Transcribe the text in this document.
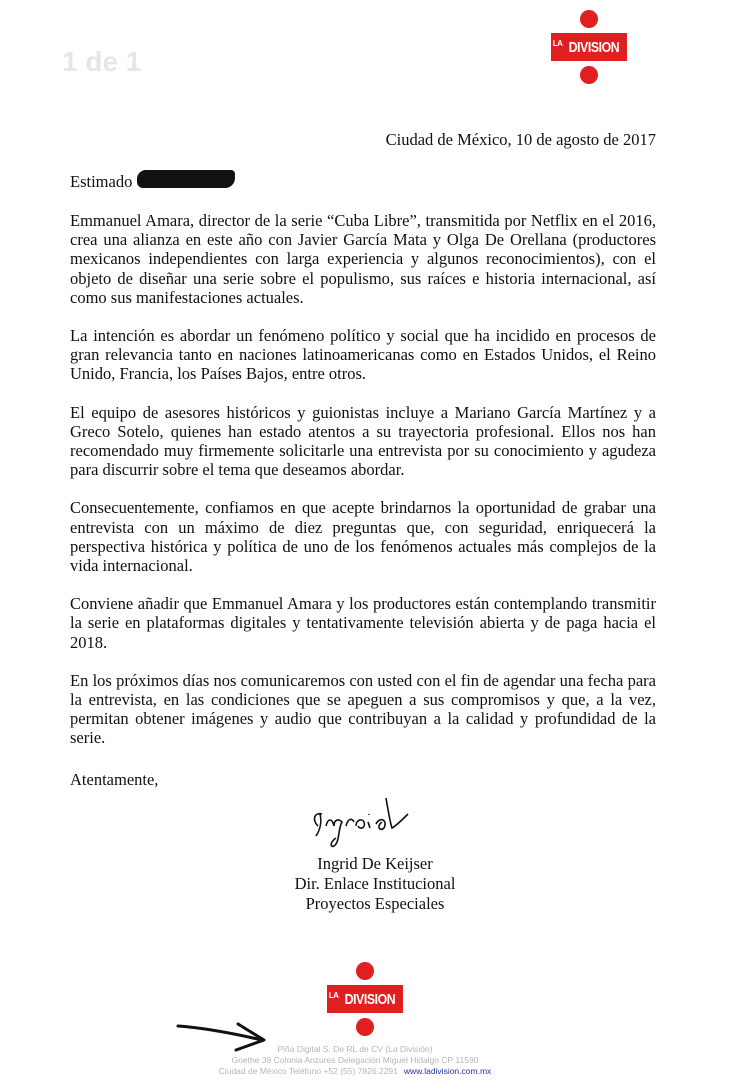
1 de 1
LA DIVISION
Ciudad de México, 10 de agosto de 2017
Estimado

Emmanuel Amara, director de la serie “Cuba Libre”, transmitida por Netflix en el 2016, crea una alianza en este año con Javier García Mata y Olga De Orellana (productores mexicanos independientes con larga experiencia y algunos reconocimientos), con el objeto de diseñar una serie sobre el populismo, sus raíces e historia internacional, así como sus manifestaciones actuales.

La intención es abordar un fenómeno político y social que ha incidido en procesos de gran relevancia tanto en naciones latinoamericanas como en Estados Unidos, el Reino Unido, Francia, los Países Bajos, entre otros.

El equipo de asesores históricos y guionistas incluye a Mariano García Martínez y a Greco Sotelo, quienes han estado atentos a su trayectoria profesional. Ellos nos han recomendado muy firmemente solicitarle una entrevista por su conocimiento y agudeza para discurrir sobre el tema que deseamos abordar.

Consecuentemente, confiamos en que acepte brindarnos la oportunidad de grabar una entrevista con un máximo de diez preguntas que, con seguridad, enriquecerá la perspectiva histórica y política de uno de los fenómenos actuales más complejos de la vida internacional.

Conviene añadir que Emmanuel Amara y los productores están contemplando transmitir la serie en plataformas digitales y tentativamente televisión abierta y de paga hacia el 2018.

En los próximos días nos comunicaremos con usted con el fin de agendar una fecha para la entrevista, en las condiciones que se apeguen a sus compromisos y que, a la vez, permitan obtener imágenes y audio que contribuyan a la calidad y profundidad de la serie.

Atentamente,
Ingrid De Keijser
Dir. Enlace Institucional
Proyectos Especiales
LA DIVISION
Piña Digital S. De RL de CV (La División)
Goethe 39 Colonia Anzures Delegación Miguel Hidalgo CP 11590
Ciudad de México Teléfono +52 (55) 7826.2291 www.ladivision.com.mx
